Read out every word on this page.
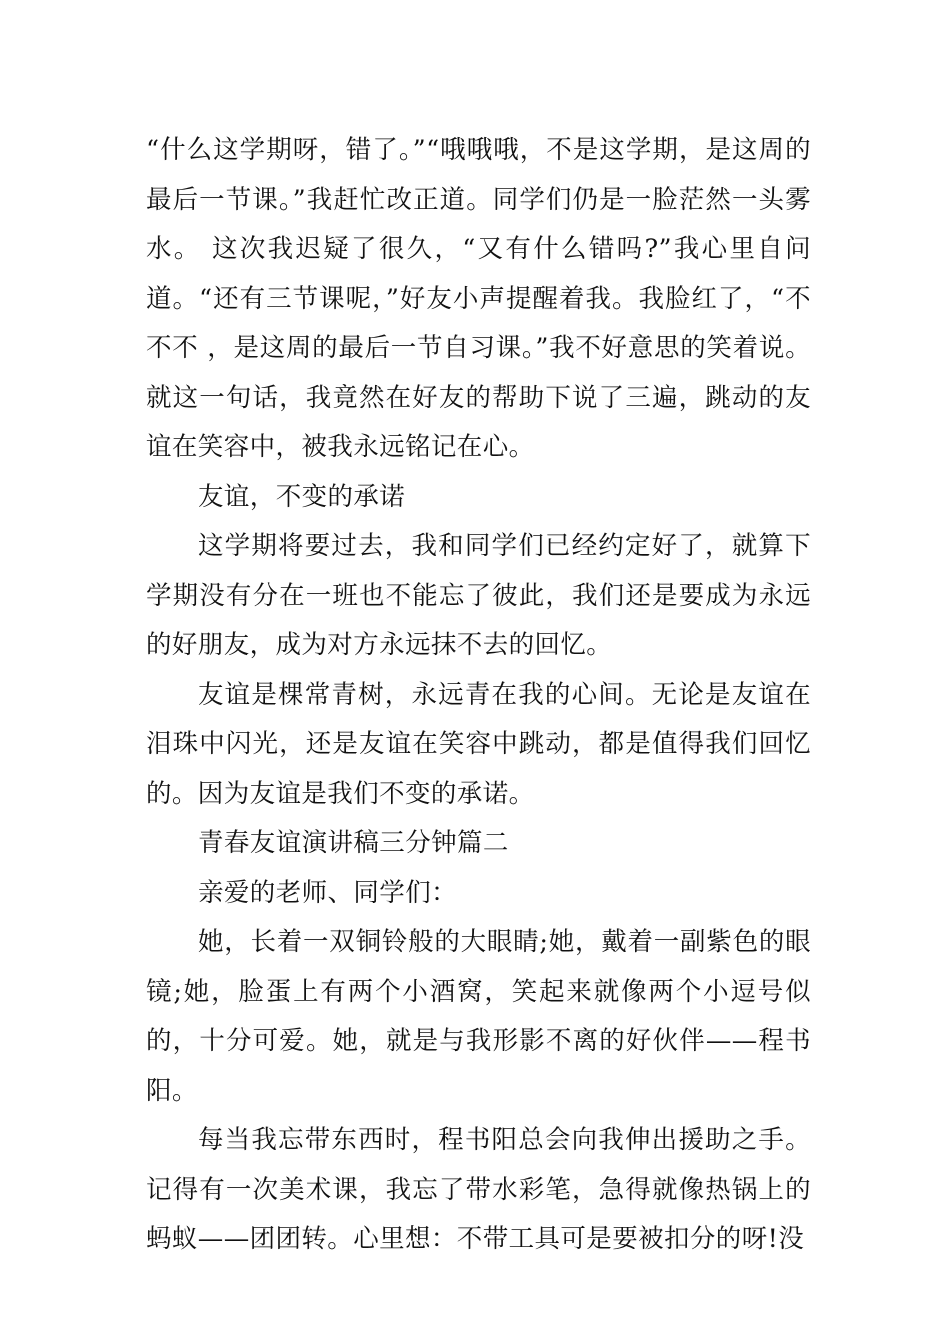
“什么这学期呀，错了。”“哦哦哦，不是这学期，是这周的最后一节课。”我赶忙改正道。同学们仍是一脸茫然一头雾水。 这次我迟疑了很久，“又有什么错吗?”我心里自问道。“还有三节课呢，”好友小声提醒着我。我脸红了，“不不不 ，是这周的最后一节自习课。”我不好意思的笑着说。就这一句话，我竟然在好友的帮助下说了三遍，跳动的友谊在笑容中，被我永远铭记在心。

友谊，不变的承诺

这学期将要过去，我和同学们已经约定好了，就算下学期没有分在一班也不能忘了彼此，我们还是要成为永远的好朋友，成为对方永远抹不去的回忆。

友谊是棵常青树，永远青在我的心间。无论是友谊在泪珠中闪光，还是友谊在笑容中跳动，都是值得我们回忆的。因为友谊是我们不变的承诺。

青春友谊演讲稿三分钟篇二

亲爱的老师、同学们：

她，长着一双铜铃般的大眼睛;她，戴着一副紫色的眼镜;她，脸蛋上有两个小酒窝，笑起来就像两个小逗号似的，十分可爱。她，就是与我形影不离的好伙伴——程书阳。

每当我忘带东西时，程书阳总会向我伸出援助之手。记得有一次美术课，我忘了带水彩笔，急得就像热锅上的蚂蚁——团团转。心里想：不带工具可是要被扣分的呀!没
